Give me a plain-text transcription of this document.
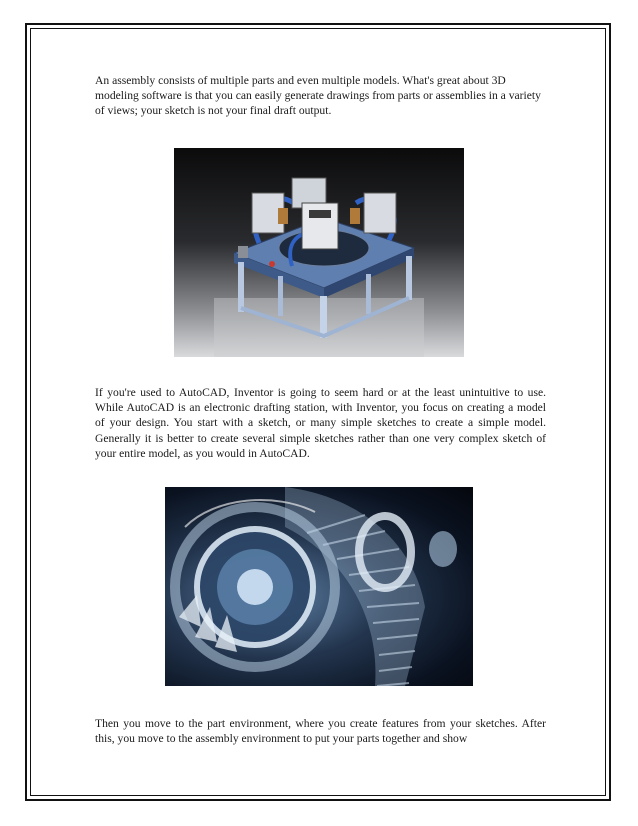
An assembly consists of multiple parts and even multiple models. What's great about 3D modeling software is that you can easily generate drawings from parts or assemblies in a variety of views; your sketch is not your final draft output.

If you're used to AutoCAD, Inventor is going to seem hard or at the least unintuitive to use. While AutoCAD is an electronic drafting station, with Inventor, you focus on creating a model of your design. You start with a sketch, or many simple sketches to create a simple model. Generally it is better to create several simple sketches rather than one very complex sketch of your entire model, as you would in AutoCAD.

Then you move to the part environment, where you create features from your sketches. After this, you move to the assembly environment to put your parts together and show
